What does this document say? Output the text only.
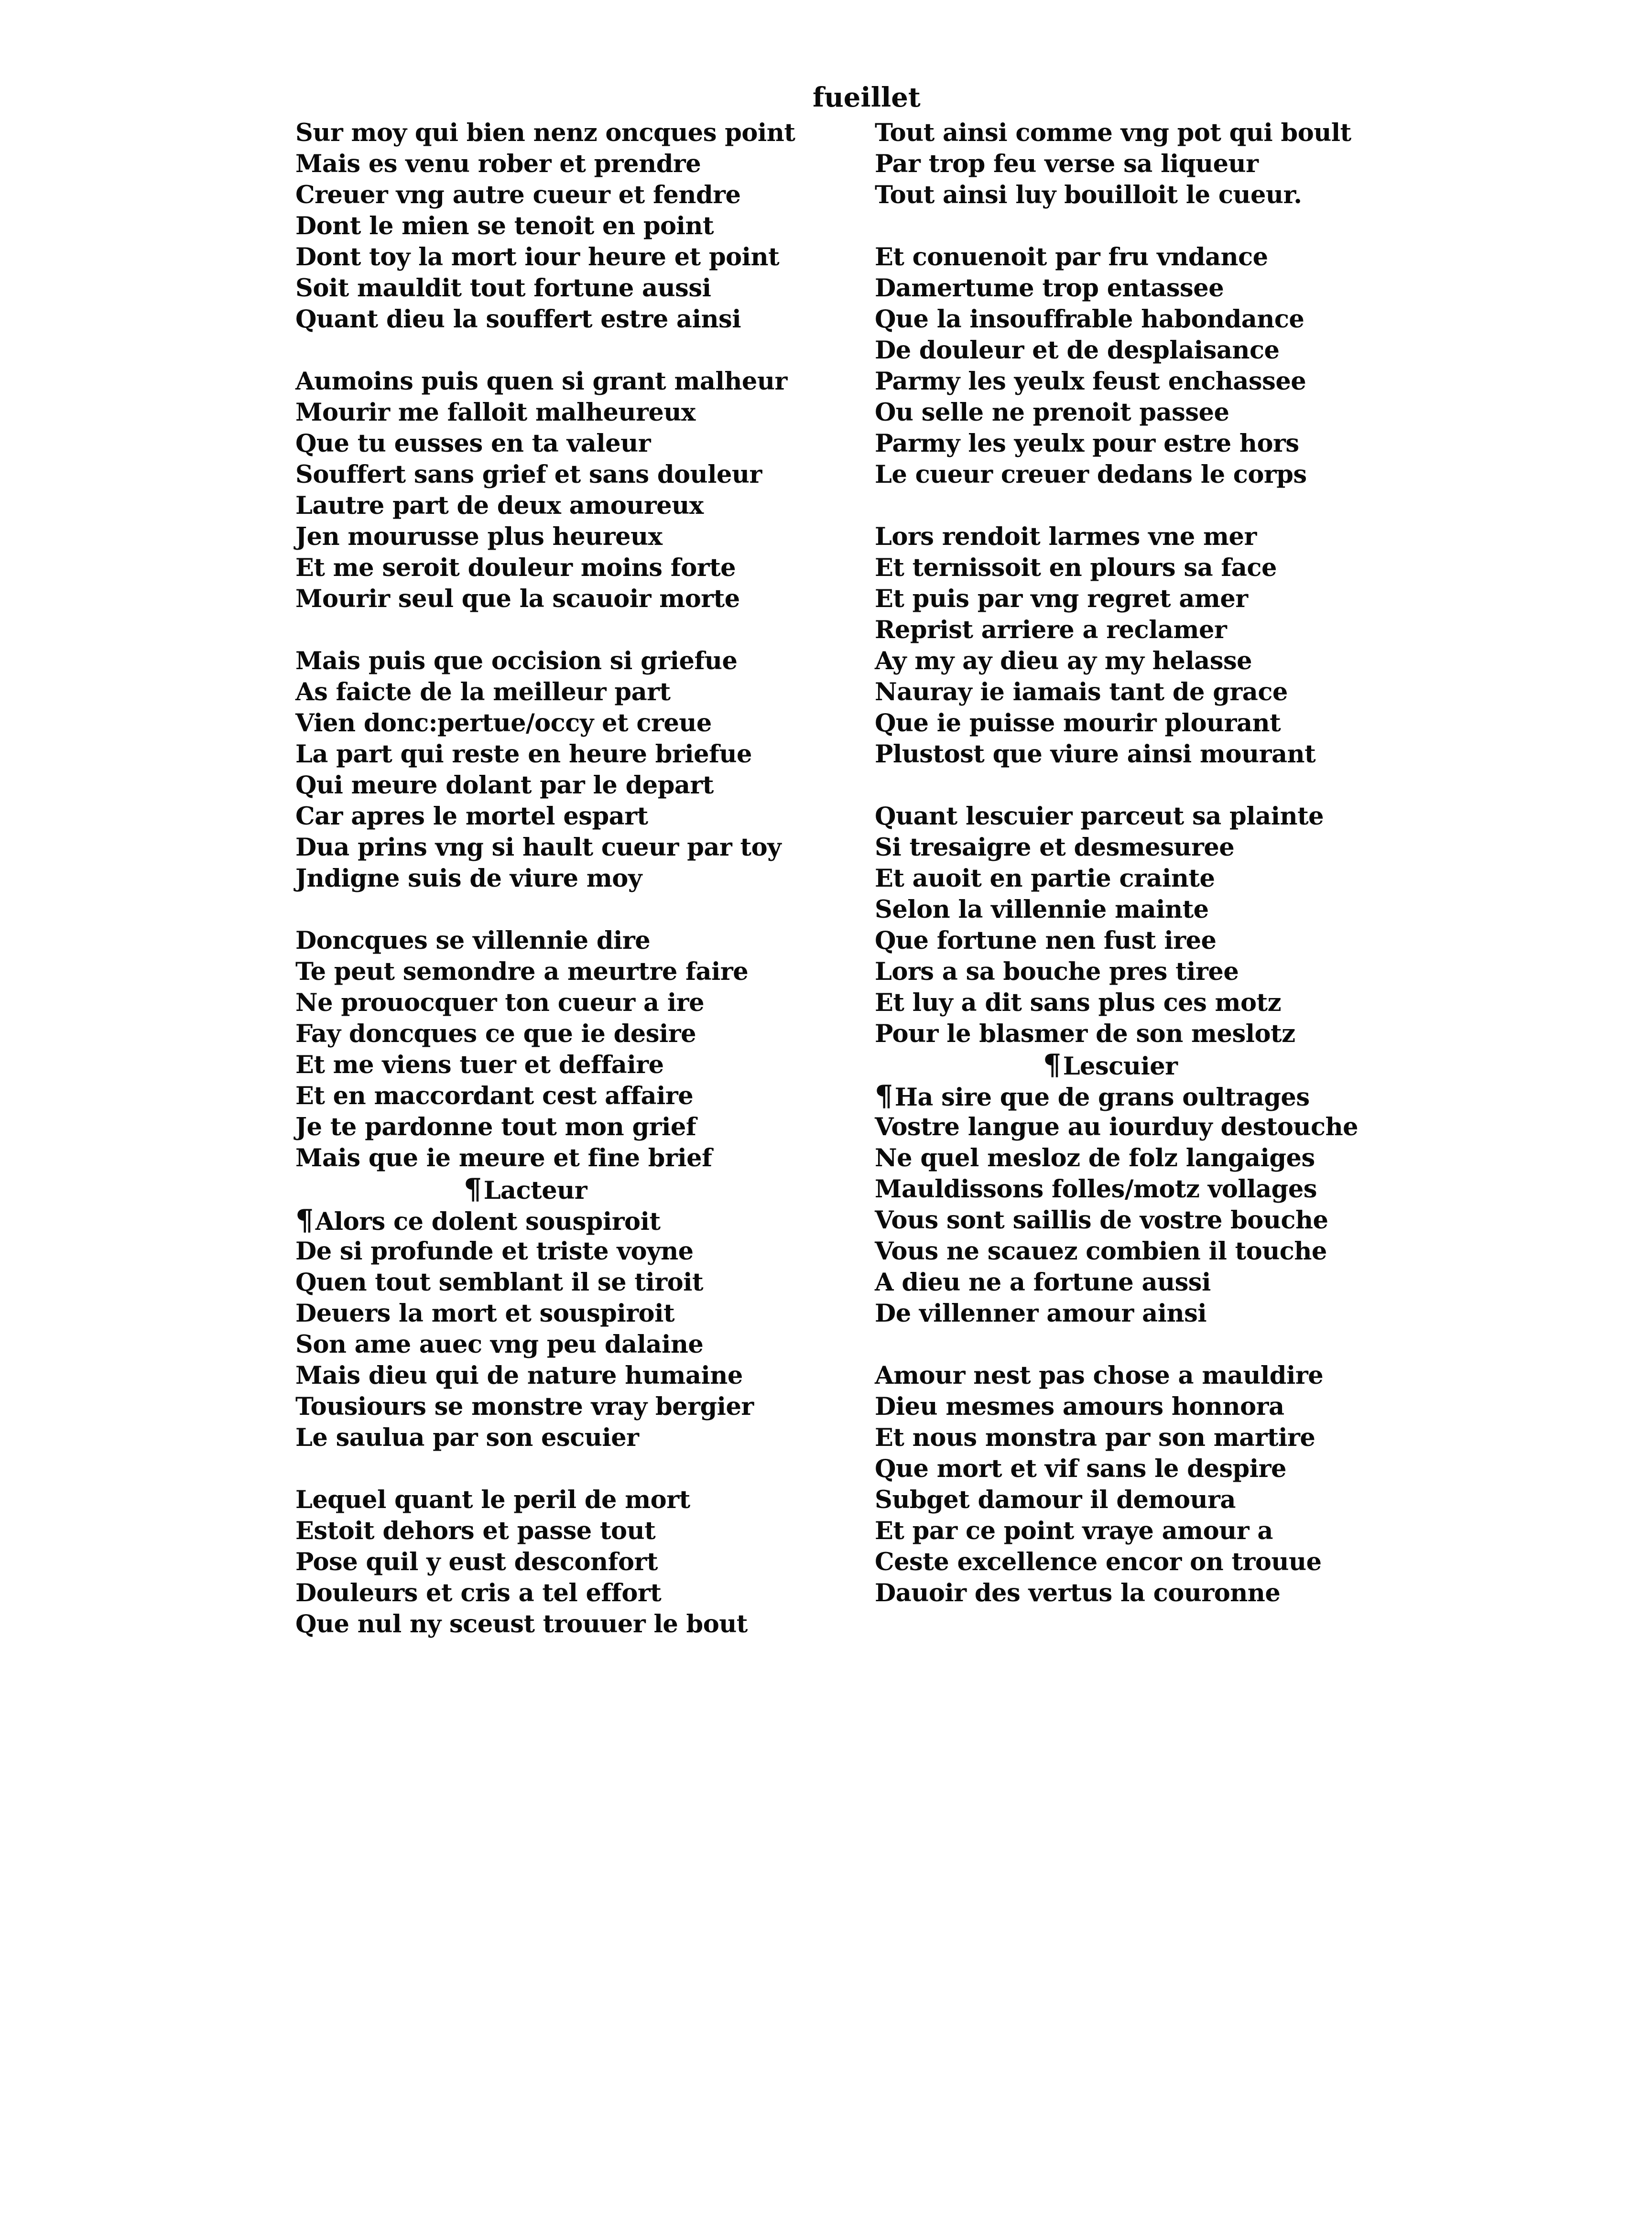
fueillet
Sur moy qui bien nenz oncques point
Mais es venu rober et prendre
Creuer vng autre cueur et fendre
Dont le mien se tenoit en point
Dont toy la mort iour heure et point
Soit mauldit tout fortune aussi
Quant dieu la souffert estre ainsi
Aumoins puis quen si grant malheur
Mourir me falloit malheureux
Que tu eusses en ta valeur
Souffert sans grief et sans douleur
Lautre part de deux amoureux
Jen mourusse plus heureux
Et me seroit douleur moins forte
Mourir seul que la scauoir morte
Mais puis que occision si griefue
As faicte de la meilleur part
Vien donc:pertue/occy et creue
La part qui reste en heure briefue
Qui meure dolant par le depart
Car apres le mortel espart
Dua prins vng si hault cueur par toy
Jndigne suis de viure moy
Doncques se villennie dire
Te peut semondre a meurtre faire
Ne prouocquer ton cueur a ire
Fay doncques ce que ie desire
Et me viens tuer et deffaire
Et en maccordant cest affaire
Je te pardonne tout mon grief
Mais que ie meure et fine brief
¶Lacteur
¶Alors ce dolent souspiroit
De si profunde et triste voyne
Quen tout semblant il se tiroit
Deuers la mort et souspiroit
Son ame auec vng peu dalaine
Mais dieu qui de nature humaine
Tousiours se monstre vray bergier
Le saulua par son escuier
Lequel quant le peril de mort
Estoit dehors et passe tout
Pose quil y eust desconfort
Douleurs et cris a tel effort
Que nul ny sceust trouuer le bout
Tout ainsi comme vng pot qui boult
Par trop feu verse sa liqueur
Tout ainsi luy bouilloit le cueur.
Et conuenoit par fru vndance
Damertume trop entassee
Que la insouffrable habondance
De douleur et de desplaisance
Parmy les yeulx feust enchassee
Ou selle ne prenoit passee
Parmy les yeulx pour estre hors
Le cueur creuer dedans le corps
Lors rendoit larmes vne mer
Et ternissoit en plours sa face
Et puis par vng regret amer
Reprist arriere a reclamer
Ay my ay dieu ay my helasse
Nauray ie iamais tant de grace
Que ie puisse mourir plourant
Plustost que viure ainsi mourant
Quant lescuier parceut sa plainte
Si tresaigre et desmesuree
Et auoit en partie crainte
Selon la villennie mainte
Que fortune nen fust iree
Lors a sa bouche pres tiree
Et luy a dit sans plus ces motz
Pour le blasmer de son meslotz
¶Lescuier
¶Ha sire que de grans oultrages
Vostre langue au iourduy destouche
Ne quel mesloz de folz langaiges
Mauldissons folles/motz vollages
Vous sont saillis de vostre bouche
Vous ne scauez combien il touche
A dieu ne a fortune aussi
De villenner amour ainsi
Amour nest pas chose a mauldire
Dieu mesmes amours honnora
Et nous monstra par son martire
Que mort et vif sans le despire
Subget damour il demoura
Et par ce point vraye amour a
Ceste excellence encor on trouue
Dauoir des vertus la couronne
